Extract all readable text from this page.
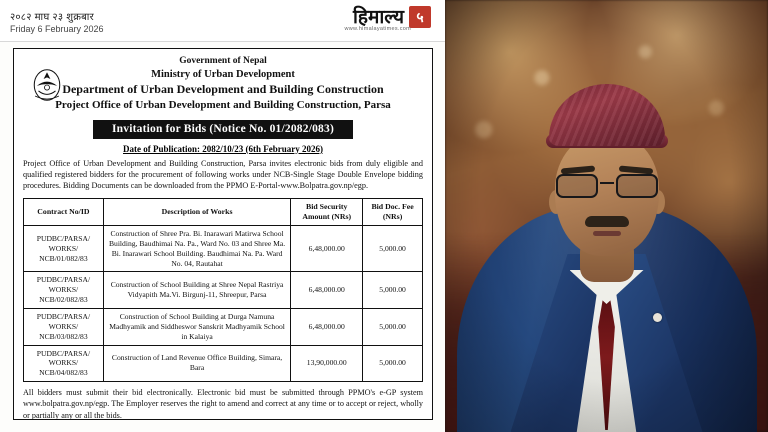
२०८२ माघ २३ शुक्रबार
Friday 6 February 2026
हिमाल्य ५
www.himalayatimes.com
Government of Nepal
Ministry of Urban Development
Department of Urban Development and Building Construction
Project Office of Urban Development and Building Construction, Parsa
Invitation for Bids (Notice No. 01/2082/083)
Date of Publication: 2082/10/23 (6th February 2026)
Project Office of Urban Development and Building Construction, Parsa invites electronic bids from duly eligible and qualified registered bidders for the procurement of following works under NCB-Single Stage Double Envelope bidding procedures. Bidding Documents can be downloaded from the PPMO E-Portal-www.Bolpatra.gov.np/egp.
Contract No/ID	Description of Works	Bid Security Amount (NRs)	Bid Doc. Fee (NRs)
PUDBC/PARSA/ WORKS/ NCB/01/082/83	Construction of Shree Pra. Bi. Inarawari Matirwa School Building, Baudhimai Na. Pa., Ward No. 03 and Shree Ma. Bi. Inarawari School Building. Baudhimai Na. Pa. Ward No. 04, Rautahat	6,48,000.00	5,000.00
PUDBC/PARSA/ WORKS/ NCB/02/082/83	Construction of School Building at Shree Nepal Rastriya Vidyapith Ma.Vi. Birgunj-11, Shreepur, Parsa	6,48,000.00	5,000.00
PUDBC/PARSA/ WORKS/ NCB/03/082/83	Construction of School Building at Durga Namuna Madhyamik and Siddheswor Sanskrit Madhyamik School in Kalaiya	6,48,000.00	5,000.00
PUDBC/PARSA/ WORKS/ NCB/04/082/83	Construction of Land Revenue Office Building, Simara, Bara	13,90,000.00	5,000.00
All bidders must submit their bid electronically. Electronic bid must be submitted through PPMO's e-GP system www.bolpatra.gov.np/egp. The Employer reserves the right to amend and correct at any time or to accept or reject, wholly or partially any or all the bids.
